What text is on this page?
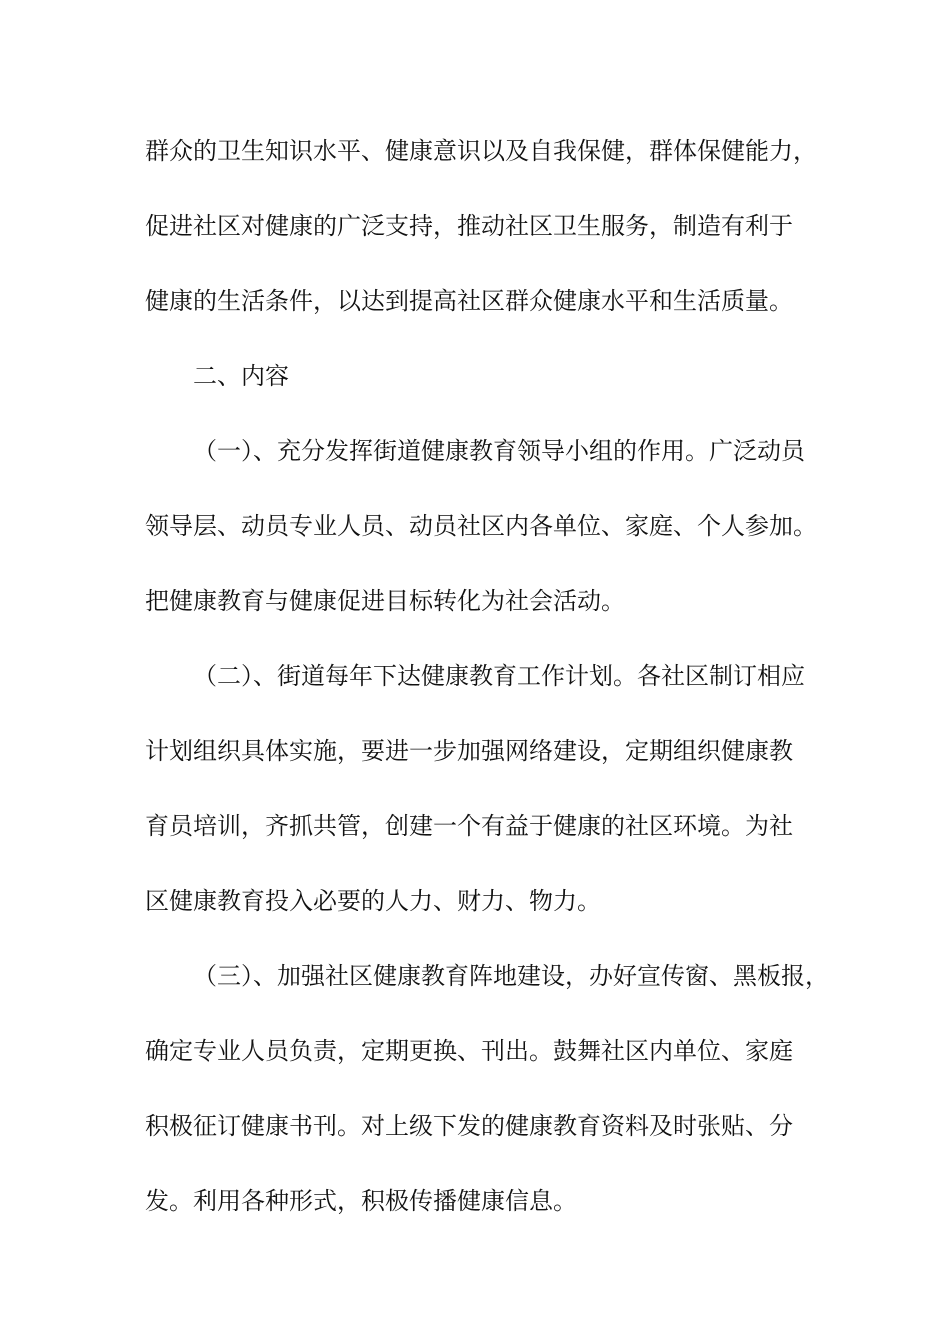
群众的卫生知识水平、健康意识以及自我保健，群体保健能力，
促进社区对健康的广泛支持，推动社区卫生服务，制造有利于
健康的生活条件，以达到提高社区群众健康水平和生活质量。
二、内容
（一）、充分发挥街道健康教育领导小组的作用。广泛动员
领导层、动员专业人员、动员社区内各单位、家庭、个人参加。
把健康教育与健康促进目标转化为社会活动。
（二）、街道每年下达健康教育工作计划。各社区制订相应
计划组织具体实施，要进一步加强网络建设，定期组织健康教
育员培训，齐抓共管，创建一个有益于健康的社区环境。为社
区健康教育投入必要的人力、财力、物力。
（三）、加强社区健康教育阵地建设，办好宣传窗、黑板报，
确定专业人员负责，定期更换、刊出。鼓舞社区内单位、家庭
积极征订健康书刊。对上级下发的健康教育资料及时张贴、分
发。利用各种形式，积极传播健康信息。
